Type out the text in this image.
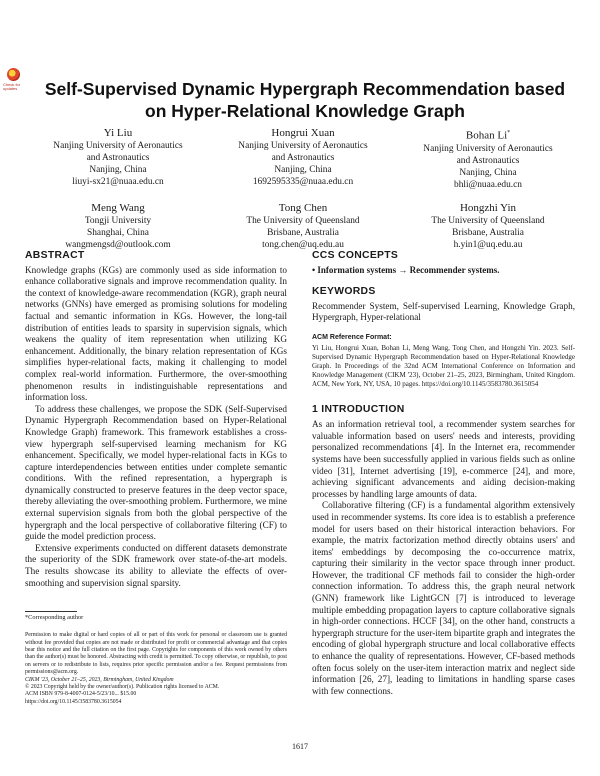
Check for updates	Self-Supervised Dynamic Hypergraph Recommendation based on Hyper-Relational Knowledge Graph
Yi Liu
Nanjing University of Aeronautics
and Astronautics
Nanjing, China
liuyi-sx21@nuaa.edu.cn
Hongrui Xuan
Nanjing University of Aeronautics
and Astronautics
Nanjing, China
1692595335@nuaa.edu.cn
Bohan Li*
Nanjing University of Aeronautics
and Astronautics
Nanjing, China
bhli@nuaa.edu.cn
Meng Wang
Tongji University
Shanghai, China
wangmengsd@outlook.com
Tong Chen
The University of Queensland
Brisbane, Australia
tong.chen@uq.edu.au
Hongzhi Yin
The University of Queensland
Brisbane, Australia
h.yin1@uq.edu.au
ABSTRACT

Knowledge graphs (KGs) are commonly used as side information to enhance collaborative signals and improve recommendation quality. In the context of knowledge-aware recommendation (KGR), graph neural networks (GNNs) have emerged as promising solutions for modeling factual and semantic information in KGs. However, the long-tail distribution of entities leads to sparsity in supervision signals, which weakens the quality of item representation when utilizing KG enhancement. Additionally, the binary relation representation of KGs simplifies hyper-relational facts, making it challenging to model complex real-world information. Furthermore, the over-smoothing phenomenon results in indistinguishable representations and information loss.

To address these challenges, we propose the SDK (Self-Supervised Dynamic Hypergraph Recommendation based on Hyper-Relational Knowledge Graph) framework. This framework establishes a cross-view hypergraph self-supervised learning mechanism for KG enhancement. Specifically, we model hyper-relational facts in KGs to capture interdependencies between entities under complete semantic conditions. With the refined representation, a hypergraph is dynamically constructed to preserve features in the deep vector space, thereby alleviating the over-smoothing problem. Furthermore, we mine external supervision signals from both the global perspective of the hypergraph and the local perspective of collaborative filtering (CF) to guide the model prediction process.

Extensive experiments conducted on different datasets demonstrate the superiority of the SDK framework over state-of-the-art models. The results showcase its ability to alleviate the effects of over-smoothing and supervision signal sparsity.

*Corresponding author
Permission to make digital or hard copies of all or part of this work for personal or classroom use is granted without fee provided that copies are not made or distributed for profit or commercial advantage and that copies bear this notice and the full citation on the first page. Copyrights for components of this work owned by others than the author(s) must be honored. Abstracting with credit is permitted. To copy otherwise, or republish, to post on servers or to redistribute to lists, requires prior specific permission and/or a fee. Request permissions from permissions@acm.org.
CIKM '23, October 21–25, 2023, Birmingham, United Kingdom
© 2023 Copyright held by the owner/author(s). Publication rights licensed to ACM.
ACM ISBN 979-8-4007-0124-5/23/10... $15.00
https://doi.org/10.1145/3583780.3615054
CCS CONCEPTS
• Information systems → Recommender systems.
KEYWORDS

Recommender System, Self-supervised Learning, Knowledge Graph, Hypergraph, Hyper-relational

ACM Reference Format:
Yi Liu, Hongrui Xuan, Bohan Li, Meng Wang, Tong Chen, and Hongzhi Yin. 2023. Self-Supervised Dynamic Hypergraph Recommendation based on Hyper-Relational Knowledge Graph. In Proceedings of the 32nd ACM International Conference on Information and Knowledge Management (CIKM '23), October 21–25, 2023, Birmingham, United Kingdom. ACM, New York, NY, USA, 10 pages. https://doi.org/10.1145/3583780.3615054
1 INTRODUCTION

As an information retrieval tool, a recommender system searches for valuable information based on users' needs and interests, providing personalized recommendations [4]. In the Internet era, recommender systems have been successfully applied in various fields such as online video [31], Internet advertising [19], e-commerce [24], and more, achieving significant advancements and aiding decision-making processes by handling large amounts of data.

Collaborative filtering (CF) is a fundamental algorithm extensively used in recommender systems. Its core idea is to establish a preference model for users based on their historical interaction behaviors. For example, the matrix factorization method directly obtains users' and items' embeddings by decomposing the co-occurrence matrix, capturing their similarity in the vector space through inner product. However, the traditional CF methods fail to consider the high-order connection information. To address this, the graph neural network (GNN) framework like LightGCN [7] is introduced to leverage multiple embedding propagation layers to capture collaborative signals in high-order connections. HCCF [34], on the other hand, constructs a hypergraph structure for the user-item bipartite graph and integrates the encoding of global hypergraph structure and local collaborative effects to enhance the quality of representations. However, CF-based methods often focus solely on the user-item interaction matrix and neglect side information [26, 27], leading to limitations in handling sparse cases with few connections.

1617
